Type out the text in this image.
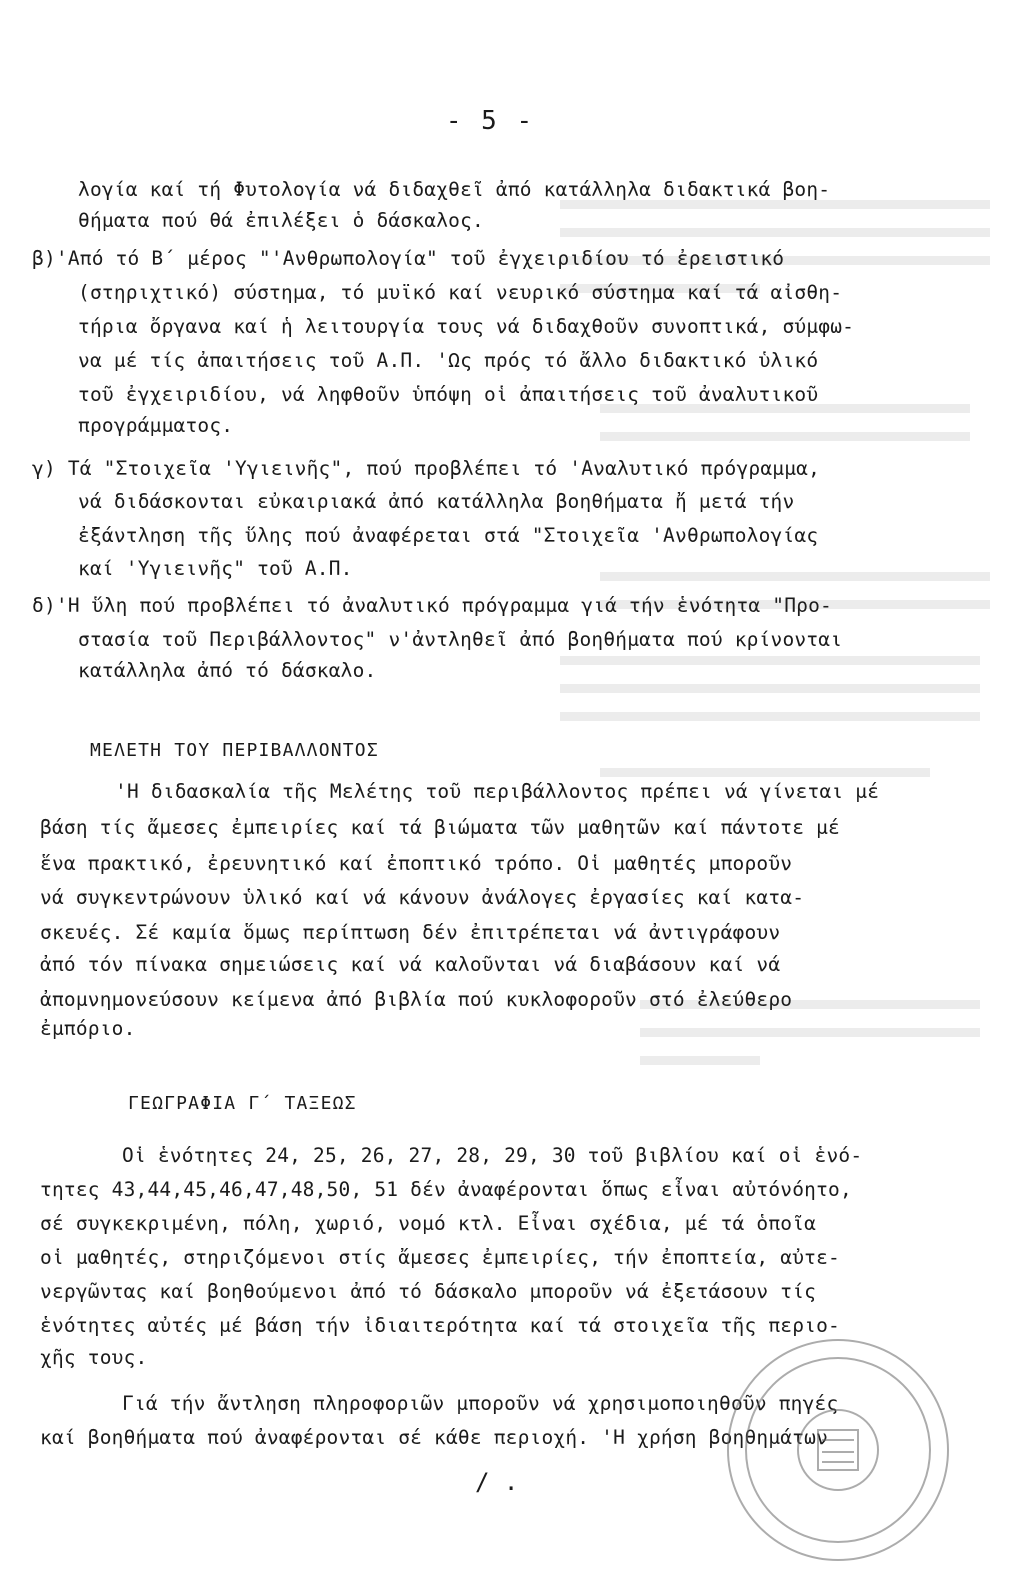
- 5 -
λογία καί τή Φυτολογία νά διδαχθεῖ ἀπό κατάλληλα διδακτικά βοη-
θήματα πού θά ἐπιλέξει ὁ δάσκαλος.
β)'Από τό Β΄ μέρος "'Ανθρωπολογία" τοῦ ἐγχειριδίου τό ἐρειστικό
(στηριχτικό) σύστημα, τό μυϊκό καί νευρικό σύστημα καί τά αἰσθη-
τήρια ὄργανα καί ἡ λειτουργία τους νά διδαχθοῦν συνοπτικά, σύμφω-
να μέ τίς ἀπαιτήσεις τοῦ Α.Π. 'Ως πρός τό ἄλλο διδακτικό ὑλικό
τοῦ ἐγχειριδίου, νά ληφθοῦν ὑπόψη οἱ ἀπαιτήσεις τοῦ ἀναλυτικοῦ
προγράμματος.
γ) Τά "Στοιχεῖα 'Υγιεινῆς", πού προβλέπει τό 'Αναλυτικό πρόγραμμα,
νά διδάσκονται εὐκαιριακά ἀπό κατάλληλα βοηθήματα ἤ μετά τήν
ἐξάντληση τῆς ὕλης πού ἀναφέρεται στά "Στοιχεῖα 'Ανθρωπολογίας
καί 'Υγιεινῆς" τοῦ Α.Π.
δ)'Η ὕλη πού προβλέπει τό ἀναλυτικό πρόγραμμα γιά τήν ἑνότητα "Προ-
στασία τοῦ Περιβάλλοντος" ν'ἀντληθεῖ ἀπό βοηθήματα πού κρίνονται
κατάλληλα ἀπό τό δάσκαλο.
ΜΕΛΕΤΗ ΤΟΥ ΠΕΡΙΒΑΛΛΟΝΤΟΣ
'Η διδασκαλία τῆς Μελέτης τοῦ περιβάλλοντος πρέπει νά γίνεται μέ
βάση τίς ἄμεσες ἐμπειρίες καί τά βιώματα τῶν μαθητῶν καί πάντοτε μέ
ἕνα πρακτικό, ἐρευνητικό καί ἐποπτικό τρόπο. Οἱ μαθητές μποροῦν
νά συγκεντρώνουν ὑλικό καί νά κάνουν ἀνάλογες ἐργασίες καί κατα-
σκευές. Σέ καμία ὅμως περίπτωση δέν ἐπιτρέπεται νά ἀντιγράφουν
ἀπό τόν πίνακα σημειώσεις καί νά καλοῦνται νά διαβάσουν καί νά
ἀπομνημονεύσουν κείμενα ἀπό βιβλία πού κυκλοφοροῦν στό ἐλεύθερο
ἐμπόριο.
ΓΕΩΓΡΑΦΙΑ Γ΄ ΤΑΞΕΩΣ
Οἱ ἑνότητες 24, 25, 26, 27, 28, 29, 30 τοῦ βιβλίου καί οἱ ἑνό-
τητες 43,44,45,46,47,48,50, 51 δέν ἀναφέρονται ὅπως εἶναι αὐτόνόητο,
σέ συγκεκριμένη, πόλη, χωριό, νομό κτλ. Εἶναι σχέδια, μέ τά ὁποῖα
οἱ μαθητές, στηριζόμενοι στίς ἄμεσες ἐμπειρίες, τήν ἐποπτεία, αὐτε-
νεργῶντας καί βοηθούμενοι ἀπό τό δάσκαλο μποροῦν νά ἐξετάσουν τίς
ἑνότητες αὐτές μέ βάση τήν ἰδιαιτερότητα καί τά στοιχεῖα τῆς περιο-
χῆς τους.
Γιά τήν ἄντληση πληροφοριῶν μποροῦν νά χρησιμοποιηθοῦν πηγές
καί βοηθήματα πού ἀναφέρονται σέ κάθε περιοχή. 'Η χρήση βοηθημάτων
/ .
